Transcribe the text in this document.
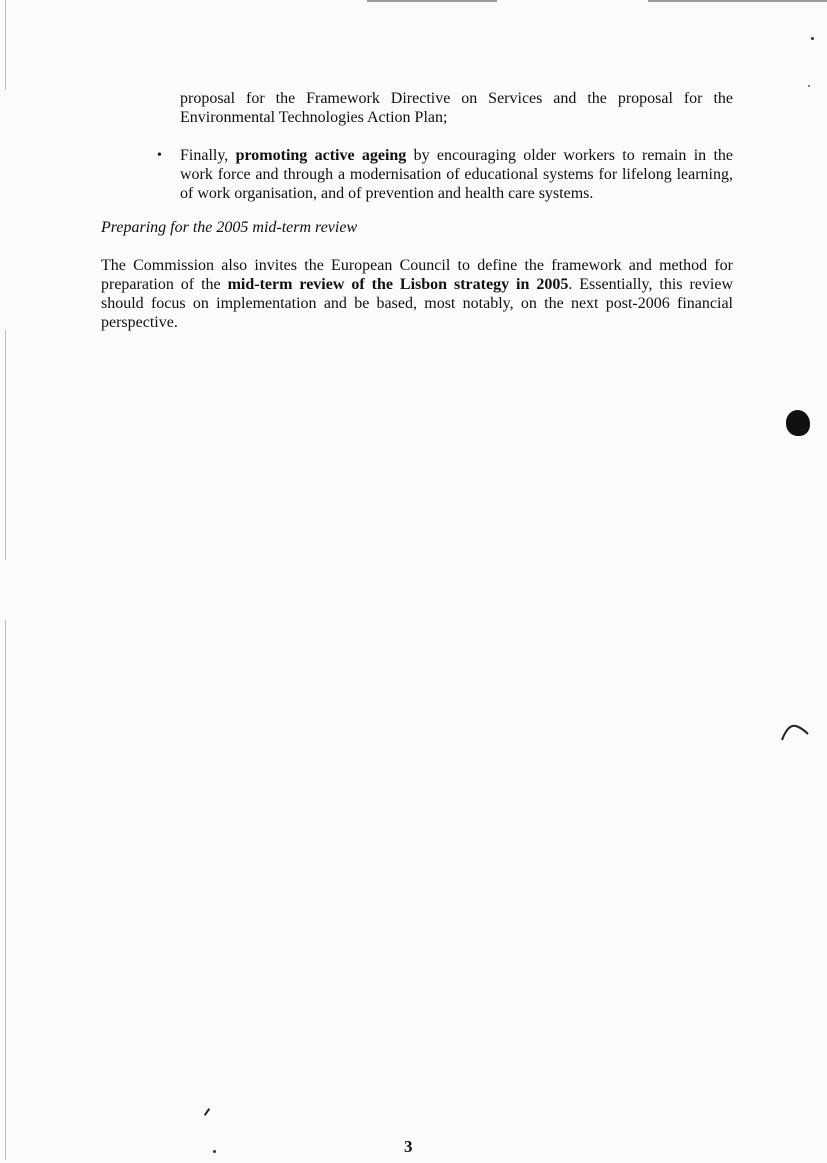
proposal for the Framework Directive on Services and the proposal for the Environmental Technologies Action Plan;
•	Finally, promoting active ageing by encouraging older workers to remain in the work force and through a modernisation of educational systems for lifelong learning, of work organisation, and of prevention and health care systems.
Preparing for the 2005 mid-term review
The Commission also invites the European Council to define the framework and method for preparation of the mid-term review of the Lisbon strategy in 2005. Essentially, this review should focus on implementation and be based, most notably, on the next post-2006 financial perspective.
3
